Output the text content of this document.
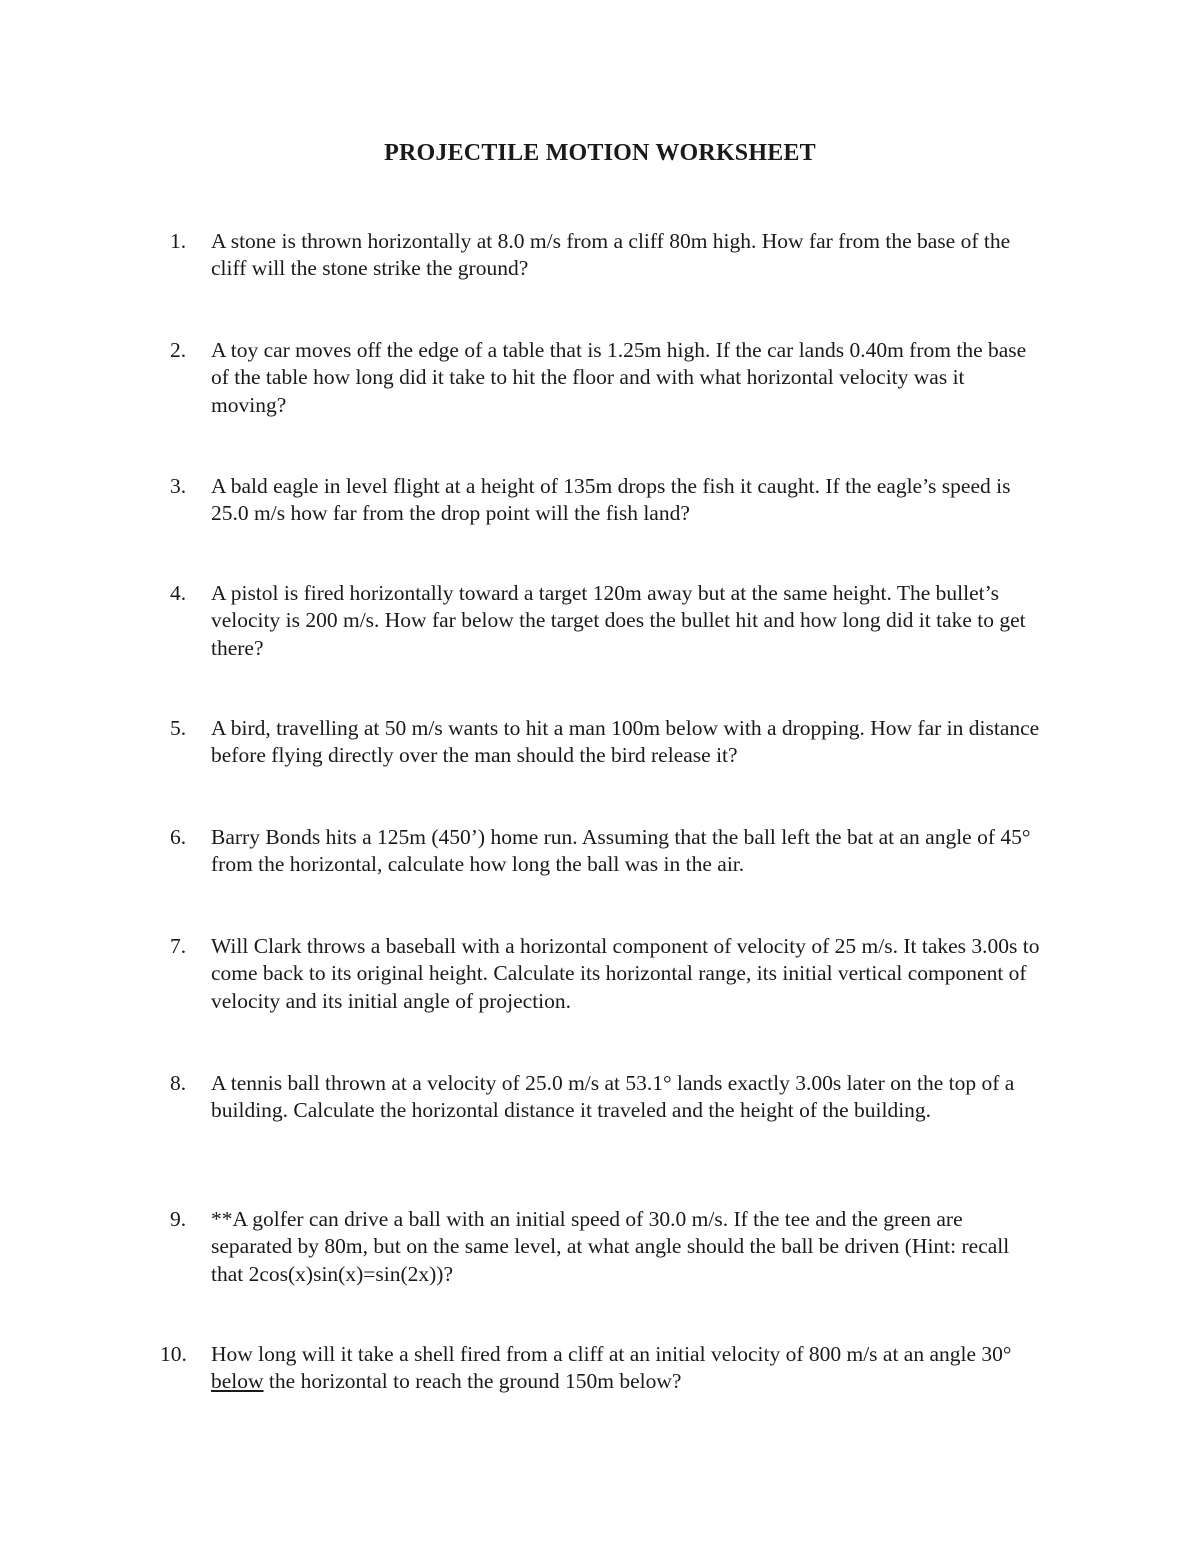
PROJECTILE MOTION WORKSHEET
1.	A stone is thrown horizontally at 8.0 m/s from a cliff 80m high. How far from the base of the cliff will the stone strike the ground?
2.	A toy car moves off the edge of a table that is 1.25m high. If the car lands 0.40m from the base of the table how long did it take to hit the floor and with what horizontal velocity was it moving?
3.	A bald eagle in level flight at a height of 135m drops the fish it caught. If the eagle’s speed is 25.0 m/s how far from the drop point will the fish land?
4.	A pistol is fired horizontally toward a target 120m away but at the same height. The bullet’s velocity is 200 m/s. How far below the target does the bullet hit and how long did it take to get there?
5.	A bird, travelling at 50 m/s wants to hit a man 100m below with a dropping. How far in distance before flying directly over the man should the bird release it?
6.	Barry Bonds hits a 125m (450’) home run. Assuming that the ball left the bat at an angle of 45° from the horizontal, calculate how long the ball was in the air.
7.	Will Clark throws a baseball with a horizontal component of velocity of 25 m/s. It takes 3.00s to come back to its original height. Calculate its horizontal range, its initial vertical component of velocity and its initial angle of projection.
8.	A tennis ball thrown at a velocity of 25.0 m/s at 53.1° lands exactly 3.00s later on the top of a building. Calculate the horizontal distance it traveled and the height of the building.
9.	**A golfer can drive a ball with an initial speed of 30.0 m/s. If the tee and the green are separated by 80m, but on the same level, at what angle should the ball be driven (Hint: recall that 2cos(x)sin(x)=sin(2x))?
10.	How long will it take a shell fired from a cliff at an initial velocity of 800 m/s at an angle 30° below the horizontal to reach the ground 150m below?
